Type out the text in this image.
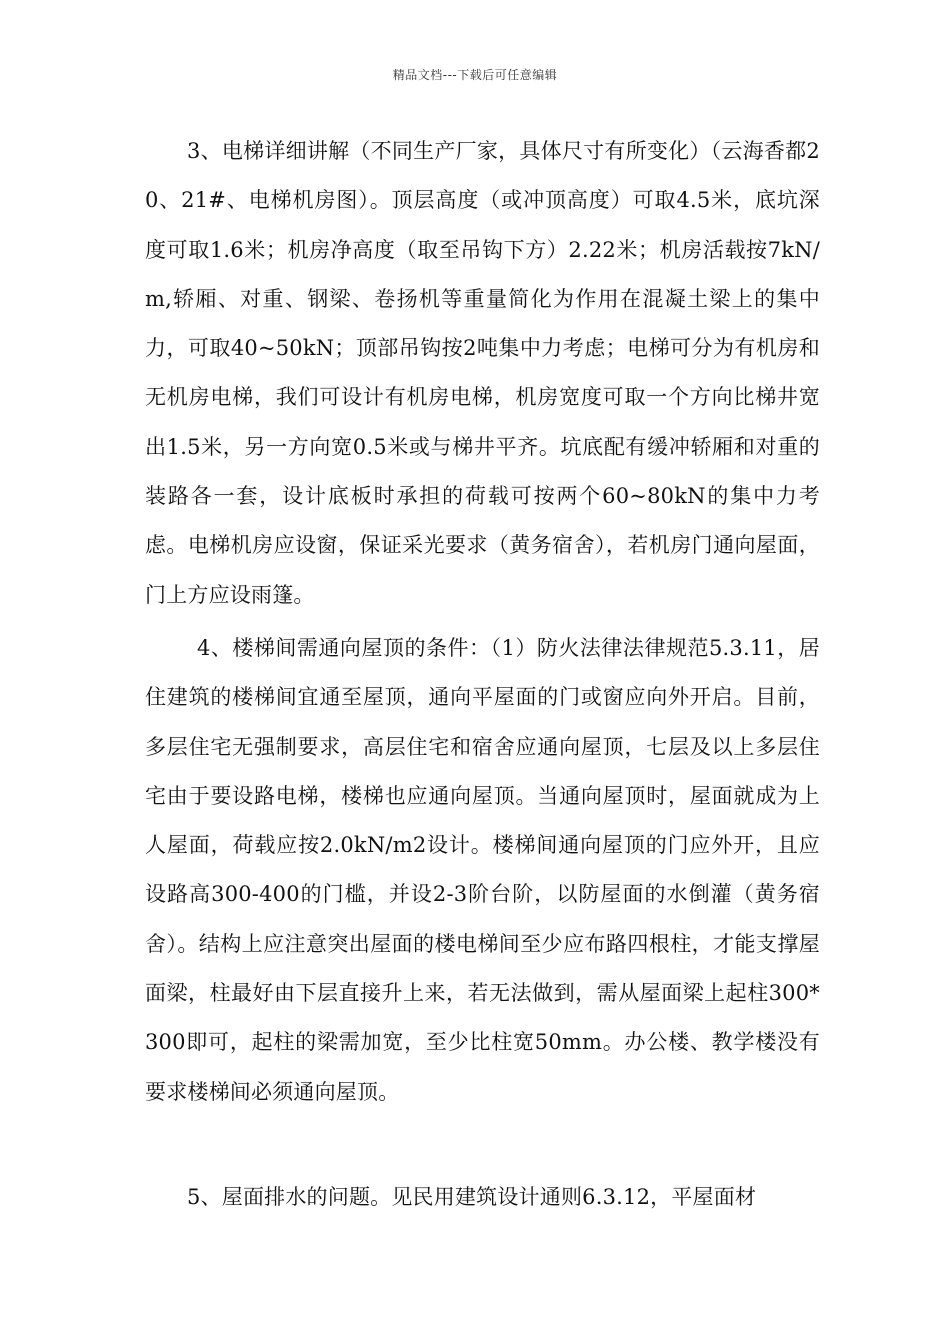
精品文档---下载后可任意编辑

3、电梯详细讲解（不同生产厂家，具体尺寸有所变化）（云海香都20、21#、电梯机房图）。顶层高度（或冲顶高度）可取4.5米，底坑深度可取1.6米；机房净高度（取至吊钩下方）2.22米；机房活载按7kN/m,轿厢、对重、钢梁、卷扬机等重量简化为作用在混凝土梁上的集中力，可取40~50kN；顶部吊钩按2吨集中力考虑；电梯可分为有机房和无机房电梯，我们可设计有机房电梯，机房宽度可取一个方向比梯井宽出1.5米，另一方向宽0.5米或与梯井平齐。坑底配有缓冲轿厢和对重的装路各一套，设计底板时承担的荷载可按两个60~80kN的集中力考虑。电梯机房应设窗，保证采光要求（黄务宿舍），若机房门通向屋面，门上方应设雨篷。

4、楼梯间需通向屋顶的条件：（1）防火法律法律规范5.3.11，居住建筑的楼梯间宜通至屋顶，通向平屋面的门或窗应向外开启。目前，多层住宅无强制要求，高层住宅和宿舍应通向屋顶，七层及以上多层住宅由于要设路电梯，楼梯也应通向屋顶。当通向屋顶时，屋面就成为上人屋面，荷载应按2.0kN/m2设计。楼梯间通向屋顶的门应外开，且应设路高300-400的门槛，并设2-3阶台阶，以防屋面的水倒灌（黄务宿舍）。结构上应注意突出屋面的楼电梯间至少应布路四根柱，才能支撑屋面梁，柱最好由下层直接升上来，若无法做到，需从屋面梁上起柱300*300即可，起柱的梁需加宽，至少比柱宽50mm。办公楼、教学楼没有要求楼梯间必须通向屋顶。

5、屋面排水的问题。见民用建筑设计通则6.3.12，平屋面材
